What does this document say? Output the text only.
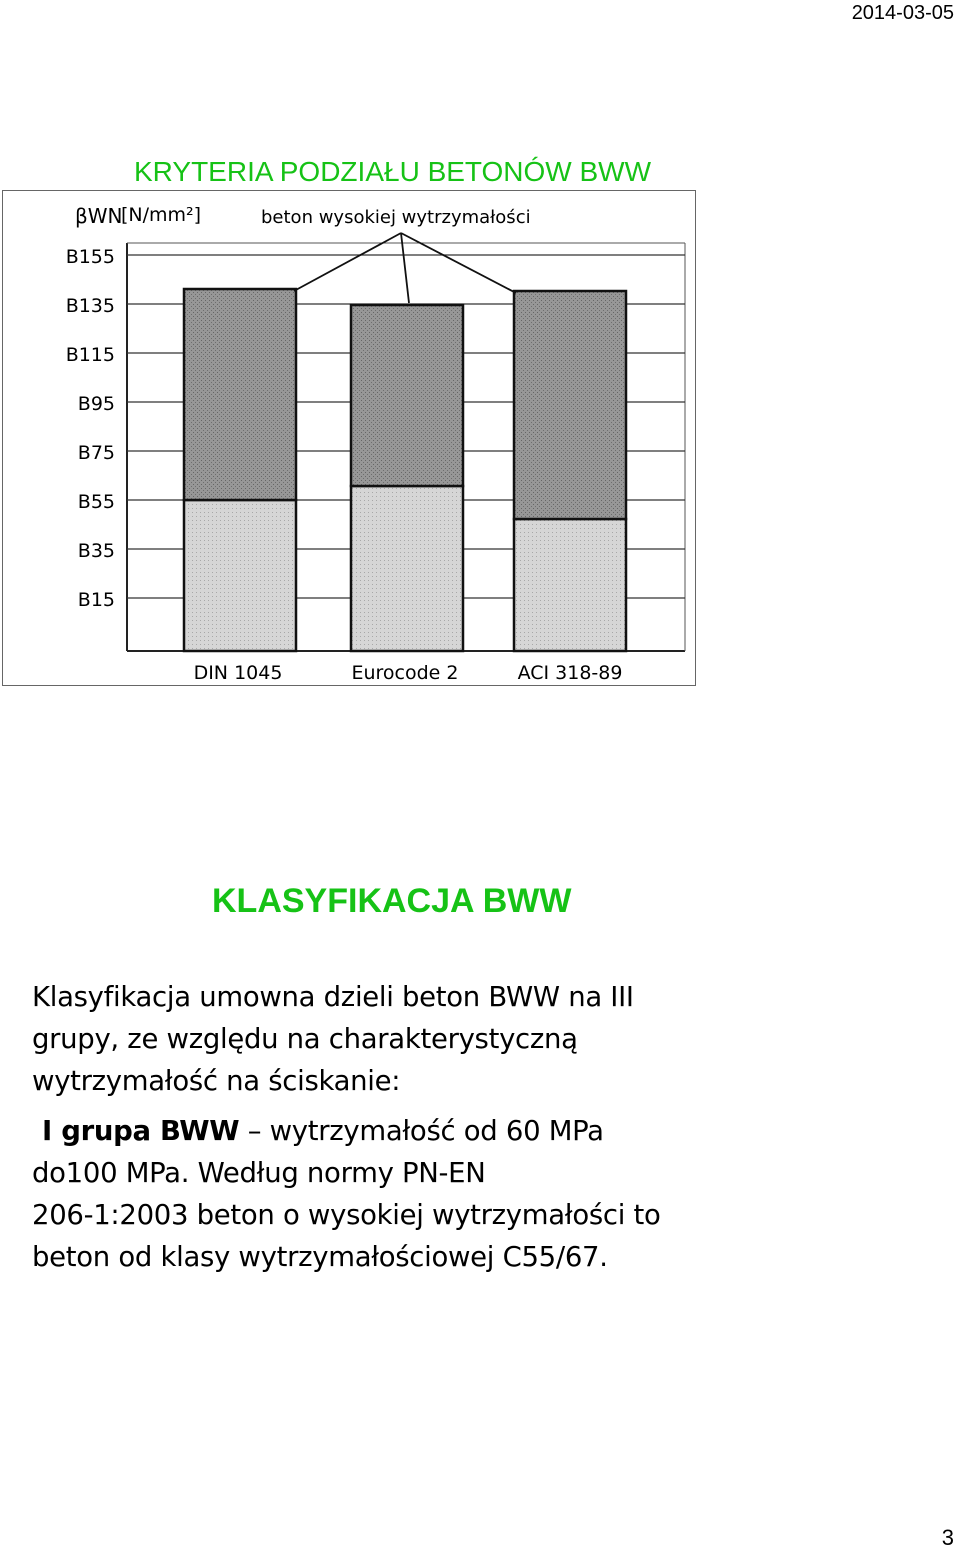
2014-03-05
KRYTERIA PODZIAŁU BETONÓW BWW
βWN
[N/mm²]	beton wysokiej wytrzymałości
B15
B35
B55
B75
B95
B115
B135
B155
DIN 1045	Eurocode 2	ACI 318-89
KLASYFIKACJA BWW
Klasyfikacja umowna dzieli beton BWW na III
grupy, ze względu na charakterystyczną
wytrzymałość na ściskanie:
I grupa BWW – wytrzymałość od 60 MPa
do100 MPa. Według normy PN-EN
206-1:2003 beton o wysokiej wytrzymałości to
beton od klasy wytrzymałościowej C55/67.
3
